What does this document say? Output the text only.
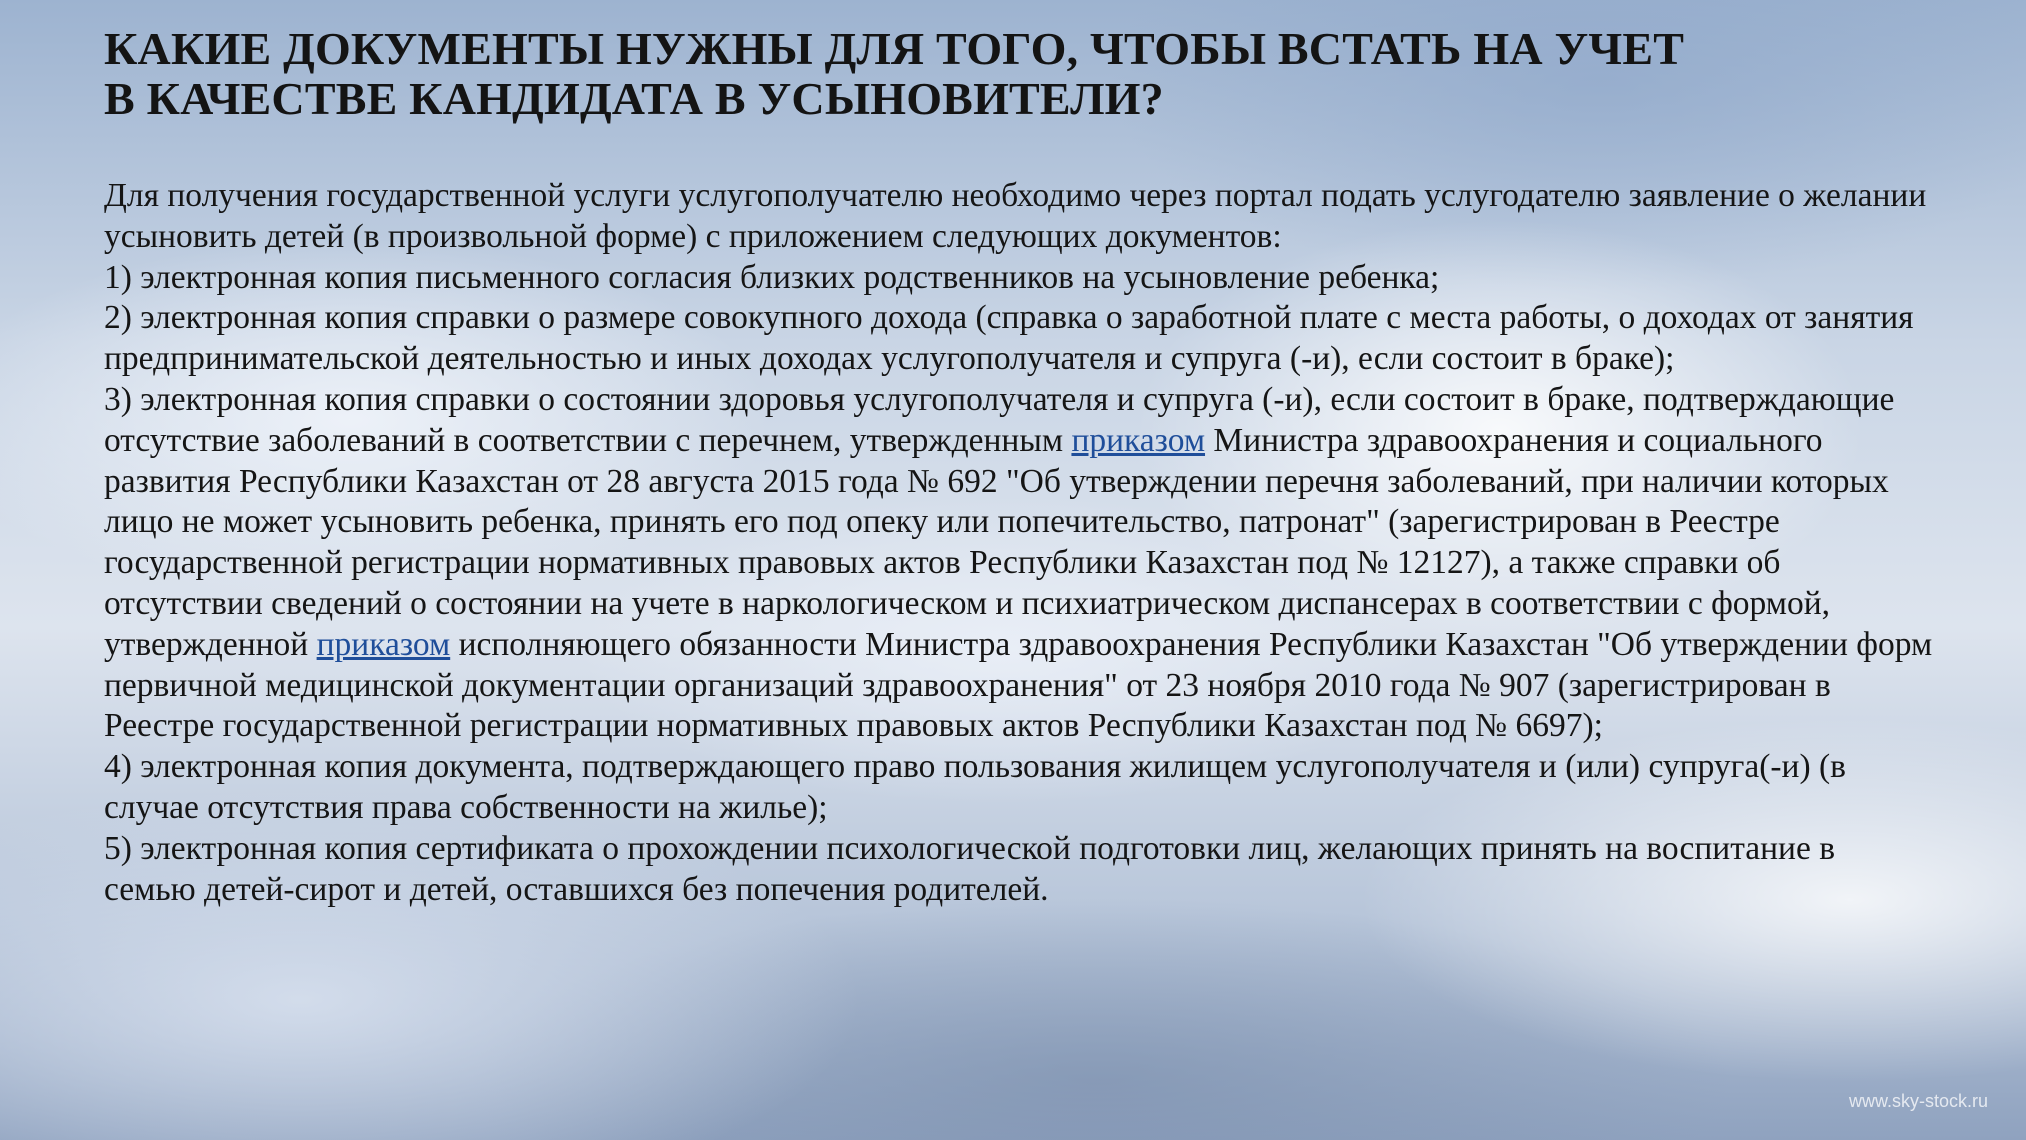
КАКИЕ ДОКУМЕНТЫ НУЖНЫ ДЛЯ ТОГО, ЧТОБЫ ВСТАТЬ НА УЧЕТ
В КАЧЕСТВЕ КАНДИДАТА В УСЫНОВИТЕЛИ?

Для получения государственной услуги услугополучателю необходимо через портал подать услугодателю заявление о желании усыновить детей (в произвольной форме) с приложением следующих документов:

1) электронная копия письменного согласия близких родственников на усыновление ребенка;

2) электронная копия справки о размере совокупного дохода (справка о заработной плате с места работы, о доходах от занятия предпринимательской деятельностью и иных доходах услугополучателя и супруга (-и), если состоит в браке);

3) электронная копия справки о состоянии здоровья услугополучателя и супруга (-и), если состоит в браке, подтверждающие отсутствие заболеваний в соответствии с перечнем, утвержденным приказом Министра здравоохранения и социального развития Республики Казахстан от 28 августа 2015 года № 692 "Об утверждении перечня заболеваний, при наличии которых лицо не может усыновить ребенка, принять его под опеку или попечительство, патронат" (зарегистрирован в Реестре государственной регистрации нормативных правовых актов Республики Казахстан под № 12127), а также справки об отсутствии сведений о состоянии на учете в наркологическом и психиатрическом диспансерах в соответствии с формой,

утвержденной приказом исполняющего обязанности Министра здравоохранения Республики Казахстан "Об утверждении форм первичной медицинской документации организаций здравоохранения" от 23 ноября 2010 года № 907 (зарегистрирован в Реестре государственной регистрации нормативных правовых актов Республики Казахстан под № 6697);

4) электронная копия документа, подтверждающего право пользования жилищем услугополучателя и (или) супруга(-и) (в случае отсутствия права собственности на жилье);

5) электронная копия сертификата о прохождении психологической подготовки лиц, желающих принять на воспитание в семью детей-сирот и детей, оставшихся без попечения родителей.

www.sky-stock.ru
